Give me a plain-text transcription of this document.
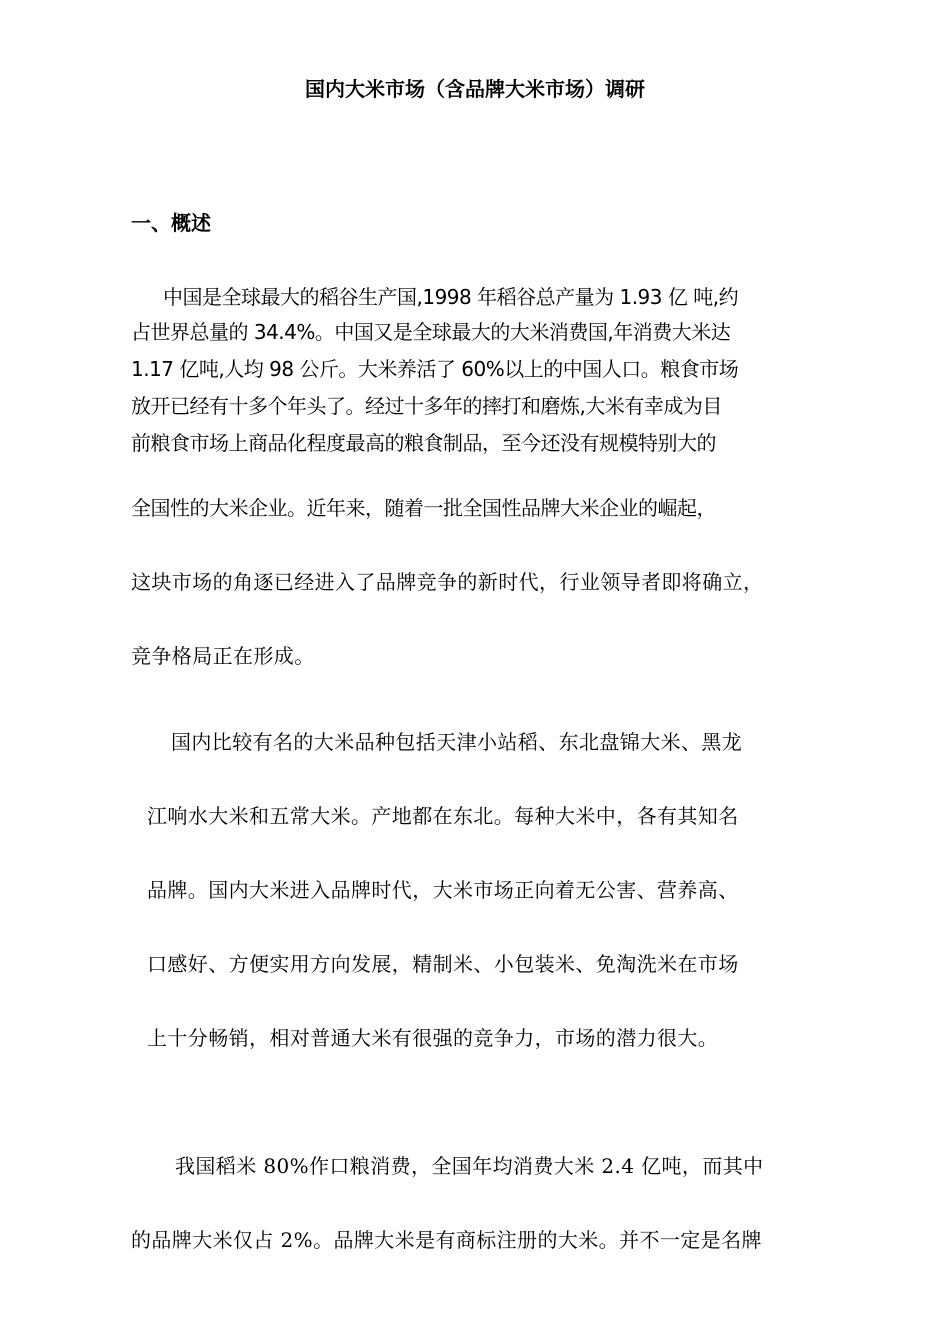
国内大米市场（含品牌大米市场）调研
一、概述
中国是全球最大的稻谷生产国,1998 年稻谷总产量为 1.93 亿 吨,约
占世界总量的 34.4%。中国又是全球最大的大米消费国,年消费大米达
1.17 亿吨,人均 98 公斤。大米养活了 60%以上的中国人口。粮食市场
放开已经有十多个年头了。经过十多年的摔打和磨炼,大米有幸成为目
前粮食市场上商品化程度最高的粮食制品，至今还没有规模特别大的
全国性的大米企业。近年来，随着一批全国性品牌大米企业的崛起，
这块市场的角逐已经进入了品牌竞争的新时代，行业领导者即将确立，
竞争格局正在形成。
国内比较有名的大米品种包括天津小站稻、东北盘锦大米、黑龙
江响水大米和五常大米。产地都在东北。每种大米中，各有其知名
品牌。国内大米进入品牌时代，大米市场正向着无公害、营养高、
口感好、方便实用方向发展，精制米、小包装米、免淘洗米在市场
上十分畅销，相对普通大米有很强的竞争力，市场的潜力很大。
我国稻米 80%作口粮消费，全国年均消费大米 2.4 亿吨，而其中
的品牌大米仅占 2%。品牌大米是有商标注册的大米。并不一定是名牌
